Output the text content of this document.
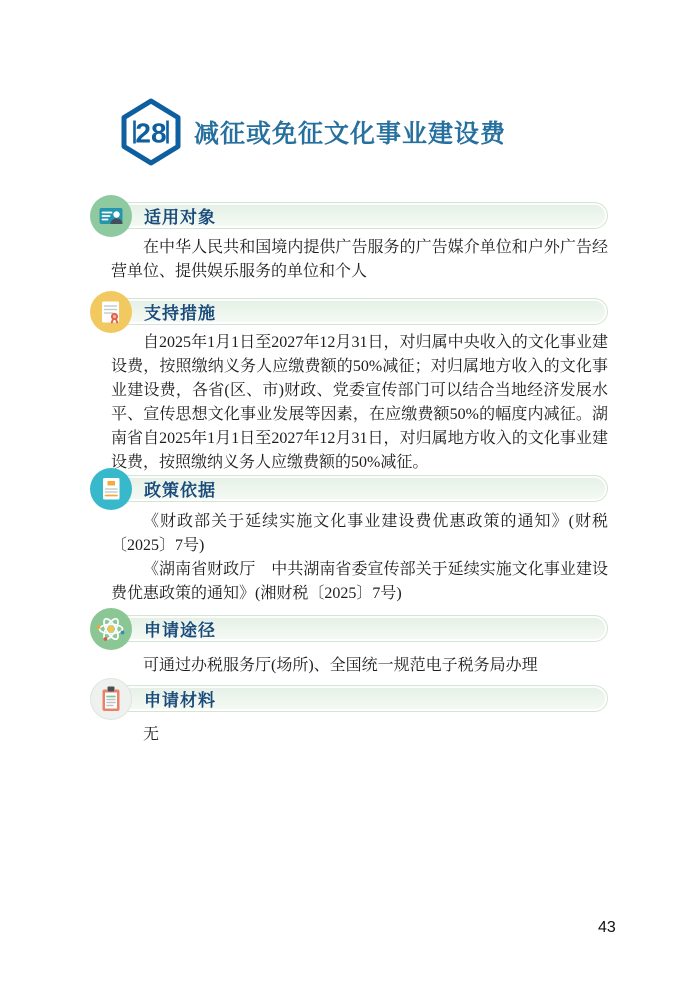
28 减征或免征文化事业建设费
适用对象

在中华人民共和国境内提供广告服务的广告媒介单位和户外广告经营单位、提供娱乐服务的单位和个人

支持措施

自2025年1月1日至2027年12月31日，对归属中央收入的文化事业建设费，按照缴纳义务人应缴费额的50%减征；对归属地方收入的文化事业建设费，各省(区、市)财政、党委宣传部门可以结合当地经济发展水平、宣传思想文化事业发展等因素，在应缴费额50%的幅度内减征。湖南省自2025年1月1日至2027年12月31日，对归属地方收入的文化事业建设费，按照缴纳义务人应缴费额的50%减征。

政策依据

《财政部关于延续实施文化事业建设费优惠政策的通知》(财税〔2025〕7号)

《湖南省财政厅　中共湖南省委宣传部关于延续实施文化事业建设费优惠政策的通知》(湘财税〔2025〕7号)

申请途径

可通过办税服务厅(场所)、全国统一规范电子税务局办理

申请材料

无

43
